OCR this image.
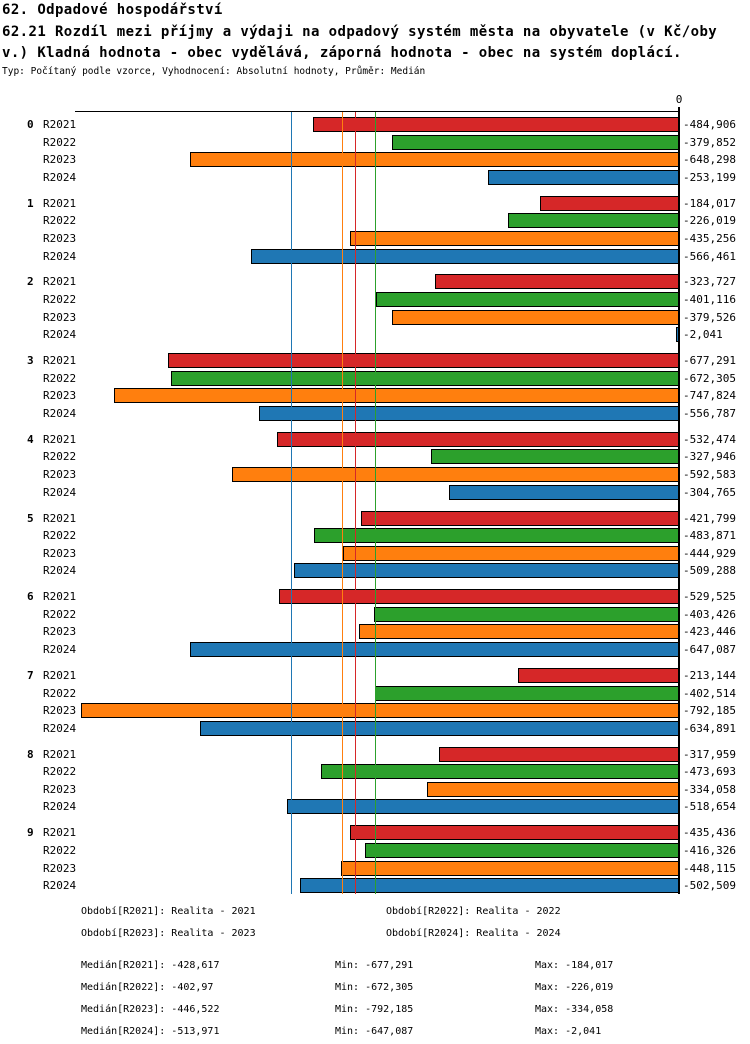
62. Odpadové hospodářství
62.21 Rozdíl mezi příjmy a výdaji na odpadový systém města na obyvatele (v Kč/oby
v.) Kladná hodnota - obec vydělává, záporná hodnota - obec na systém doplácí.
Typ: Počítaný podle vzorce, Vyhodnocení: Absolutní hodnoty, Průměr: Medián
0
0 R2021	-484,906
R2022	-379,852
R2023	-648,298
R2024	-253,199
1 R2021	-184,017
R2022	-226,019
R2023	-435,256
R2024	-566,461
2 R2021	-323,727
R2022	-401,116
R2023	-379,526
R2024	-2,041
3 R2021	-677,291
R2022	-672,305
R2023	-747,824
R2024	-556,787
4 R2021	-532,474
R2022	-327,946
R2023	-592,583
R2024	-304,765
5 R2021	-421,799
R2022	-483,871
R2023	-444,929
R2024	-509,288
6 R2021	-529,525
R2022	-403,426
R2023	-423,446
R2024	-647,087
7 R2021	-213,144
R2022	-402,514
R2023	-792,185
R2024	-634,891
8 R2021	-317,959
R2022	-473,693
R2023	-334,058
R2024	-518,654
9 R2021	-435,436
R2022	-416,326
R2023	-448,115
R2024	-502,509
Období[R2021]: Realita - 2021	Období[R2022]: Realita - 2022
Období[R2023]: Realita - 2023	Období[R2024]: Realita - 2024
Medián[R2021]: -428,617	Min: -677,291	Max: -184,017
Medián[R2022]: -402,97	Min: -672,305	Max: -226,019
Medián[R2023]: -446,522	Min: -792,185	Max: -334,058
Medián[R2024]: -513,971	Min: -647,087	Max: -2,041
